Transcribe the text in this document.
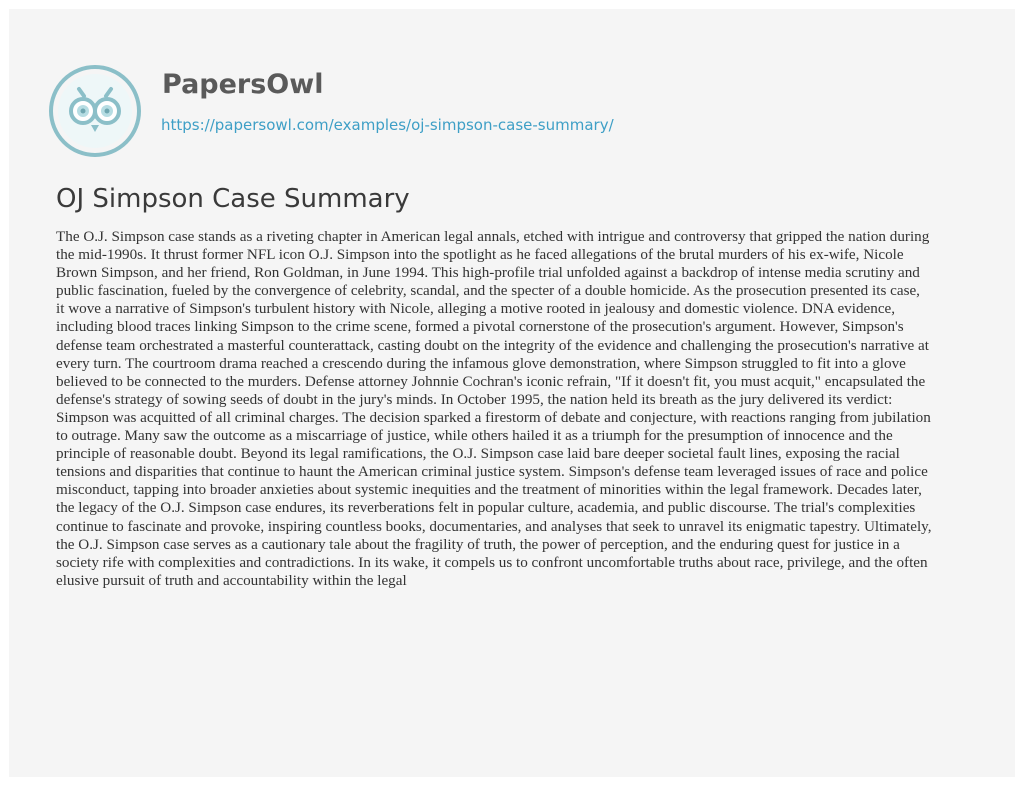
PapersOwl
https://papersowl.com/examples/oj-simpson-case-summary/
OJ Simpson Case Summary

The O.J. Simpson case stands as a riveting chapter in American legal annals, etched with intrigue and controversy that gripped the nation during
the mid-1990s. It thrust former NFL icon O.J. Simpson into the spotlight as he faced allegations of the brutal murders of his ex-wife, Nicole
Brown Simpson, and her friend, Ron Goldman, in June 1994. This high-profile trial unfolded against a backdrop of intense media scrutiny and
public fascination, fueled by the convergence of celebrity, scandal, and the specter of a double homicide. As the prosecution presented its case,
it wove a narrative of Simpson's turbulent history with Nicole, alleging a motive rooted in jealousy and domestic violence. DNA evidence,
including blood traces linking Simpson to the crime scene, formed a pivotal cornerstone of the prosecution's argument. However, Simpson's
defense team orchestrated a masterful counterattack, casting doubt on the integrity of the evidence and challenging the prosecution's narrative at
every turn. The courtroom drama reached a crescendo during the infamous glove demonstration, where Simpson struggled to fit into a glove
believed to be connected to the murders. Defense attorney Johnnie Cochran's iconic refrain, "If it doesn't fit, you must acquit," encapsulated the
defense's strategy of sowing seeds of doubt in the jury's minds. In October 1995, the nation held its breath as the jury delivered its verdict:
Simpson was acquitted of all criminal charges. The decision sparked a firestorm of debate and conjecture, with reactions ranging from jubilation
to outrage. Many saw the outcome as a miscarriage of justice, while others hailed it as a triumph for the presumption of innocence and the
principle of reasonable doubt. Beyond its legal ramifications, the O.J. Simpson case laid bare deeper societal fault lines, exposing the racial
tensions and disparities that continue to haunt the American criminal justice system. Simpson's defense team leveraged issues of race and police
misconduct, tapping into broader anxieties about systemic inequities and the treatment of minorities within the legal framework. Decades later,
the legacy of the O.J. Simpson case endures, its reverberations felt in popular culture, academia, and public discourse. The trial's complexities
continue to fascinate and provoke, inspiring countless books, documentaries, and analyses that seek to unravel its enigmatic tapestry. Ultimately,
the O.J. Simpson case serves as a cautionary tale about the fragility of truth, the power of perception, and the enduring quest for justice in a
society rife with complexities and contradictions. In its wake, it compels us to confront uncomfortable truths about race, privilege, and the often
elusive pursuit of truth and accountability within the legal
